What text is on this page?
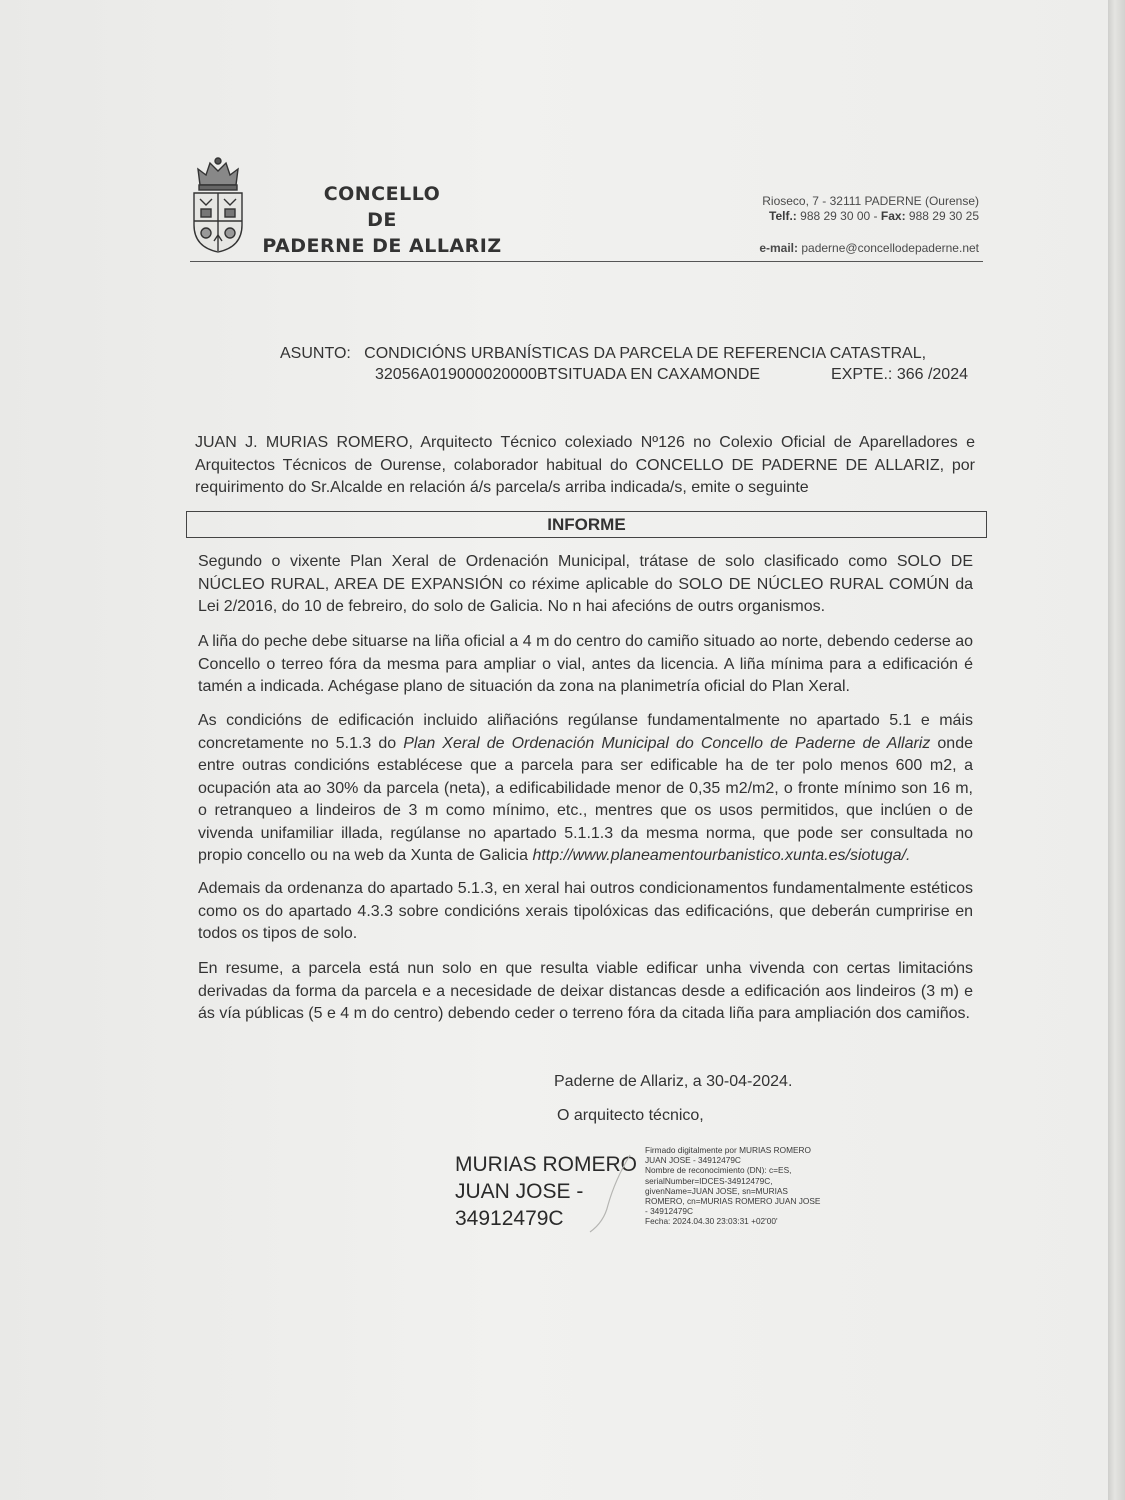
CONCELLO
DE
PADERNE DE ALLARIZ
Rioseco, 7 - 32111 PADERNE (Ourense)
Telf.: 988 29 30 00 - Fax: 988 29 30 25
e-mail: paderne@concellodepaderne.net
ASUNTO: CONDICIÓNS URBANÍSTICAS DA PARCELA DE REFERENCIA CATASTRAL,
32056A019000020000BTSITUADA EN CAXAMONDE	EXPTE.: 366 /2024
JUAN J. MURIAS ROMERO, Arquitecto Técnico colexiado Nº126 no Colexio Oficial de Aparelladores e Arquitectos Técnicos de Ourense, colaborador habitual do CONCELLO DE PADERNE DE ALLARIZ, por requirimento do Sr.Alcalde en relación á/s parcela/s arriba indicada/s, emite o seguinte
INFORME
Segundo o vixente Plan Xeral de Ordenación Municipal, trátase de solo clasificado como SOLO DE NÚCLEO RURAL, AREA DE EXPANSIÓN co réxime aplicable do SOLO DE NÚCLEO RURAL COMÚN da Lei 2/2016, do 10 de febreiro, do solo de Galicia. No n hai afecións de outrs organismos.
A liña do peche debe situarse na liña oficial a 4 m do centro do camiño situado ao norte, debendo cederse ao Concello o terreo fóra da mesma para ampliar o vial, antes da licencia. A liña mínima para a edificación é tamén a indicada. Achégase plano de situación da zona na planimetría oficial do Plan Xeral.
As condicións de edificación incluido aliñacións regúlanse fundamentalmente no apartado 5.1 e máis concretamente no 5.1.3 do Plan Xeral de Ordenación Municipal do Concello de Paderne de Allariz onde entre outras condicións establécese que a parcela para ser edificable ha de ter polo menos 600 m2, a ocupación ata ao 30% da parcela (neta), a edificabilidade menor de 0,35 m2/m2, o fronte mínimo son 16 m, o retranqueo a lindeiros de 3 m como mínimo, etc., mentres que os usos permitidos, que inclúen o de vivenda unifamiliar illada, regúlanse no apartado 5.1.1.3 da mesma norma, que pode ser consultada no propio concello ou na web da Xunta de Galicia http://www.planeamentourbanistico.xunta.es/siotuga/.
Ademais da ordenanza do apartado 5.1.3, en xeral hai outros condicionamentos fundamentalmente estéticos como os do apartado 4.3.3 sobre condicións xerais tipolóxicas das edificacións, que deberán cumpririse en todos os tipos de solo.
En resume, a parcela está nun solo en que resulta viable edificar unha vivenda con certas limitacións derivadas da forma da parcela e a necesidade de deixar distancas desde a edificación aos lindeiros (3 m) e ás vía públicas (5 e 4 m do centro) debendo ceder o terreno fóra da citada liña para ampliación dos camiños.
Paderne de Allariz, a 30-04-2024.
O arquitecto técnico,
MURIAS ROMERO
JUAN JOSE -
34912479C
Firmado digitalmente por MURIAS ROMERO
JUAN JOSE - 34912479C
Nombre de reconocimiento (DN): c=ES,
serialNumber=IDCES-34912479C,
givenName=JUAN JOSE, sn=MURIAS
ROMERO, cn=MURIAS ROMERO JUAN JOSE
- 34912479C
Fecha: 2024.04.30 23:03:31 +02'00'
